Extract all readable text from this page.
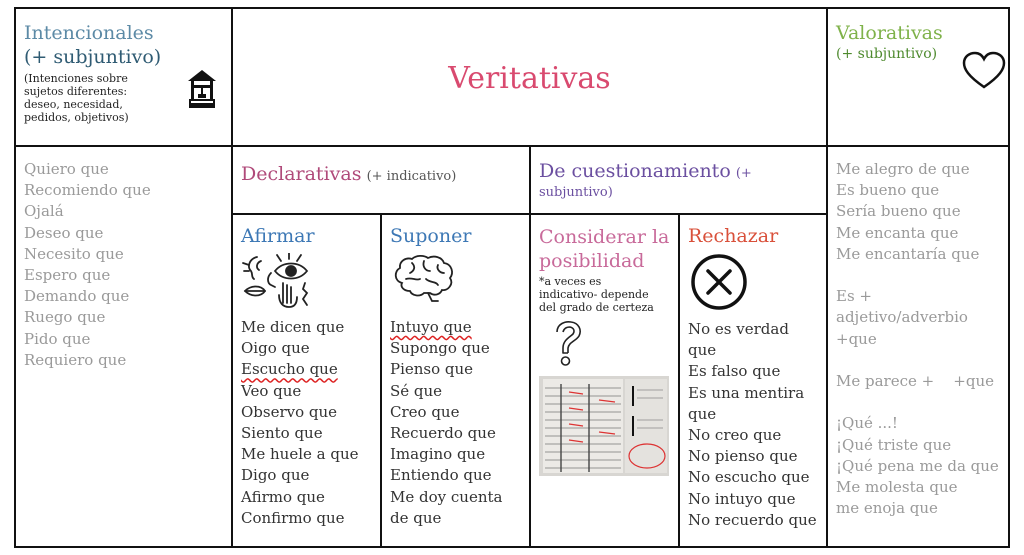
Intencionales
(+ subjuntivo)
(Intenciones sobre
sujetos diferentes:
deseo, necesidad,
pedidos, objetivos)
Veritativas
Valorativas
(+ subjuntivo)
Quiero que
Recomiendo que
Ojalá
Deseo que
Necesito que
Espero que
Demando que
Ruego que
Pido que
Requiero que
Declarativas (+ indicativo)	De cuestionamiento (+
subjuntivo)
Me alegro de que
Es bueno que
Sería bueno que
Me encanta que
Me encantaría que
Es +
adjetivo/adverbio
+que
Me parece +    +que
¡Qué ...!
¡Qué triste que
¡Qué pena me da que
Me molesta que
me enoja que
Afirmar
Me dicen que
Oigo que
Escucho que
Veo que
Observo que
Siento que
Me huele a que
Digo que
Afirmo que
Confirmo que
Suponer
Intuyo que
Supongo que
Pienso que
Sé que
Creo que
Recuerdo que
Imagino que
Entiendo que
Me doy cuenta
de que
Considerar la
posibilidad
*a veces es
indicativo- depende
del grado de certeza

Rechazar
No es verdad
que
Es falso que
Es una mentira
que
No creo que
No pienso que
No escucho que
No intuyo que
No recuerdo que
